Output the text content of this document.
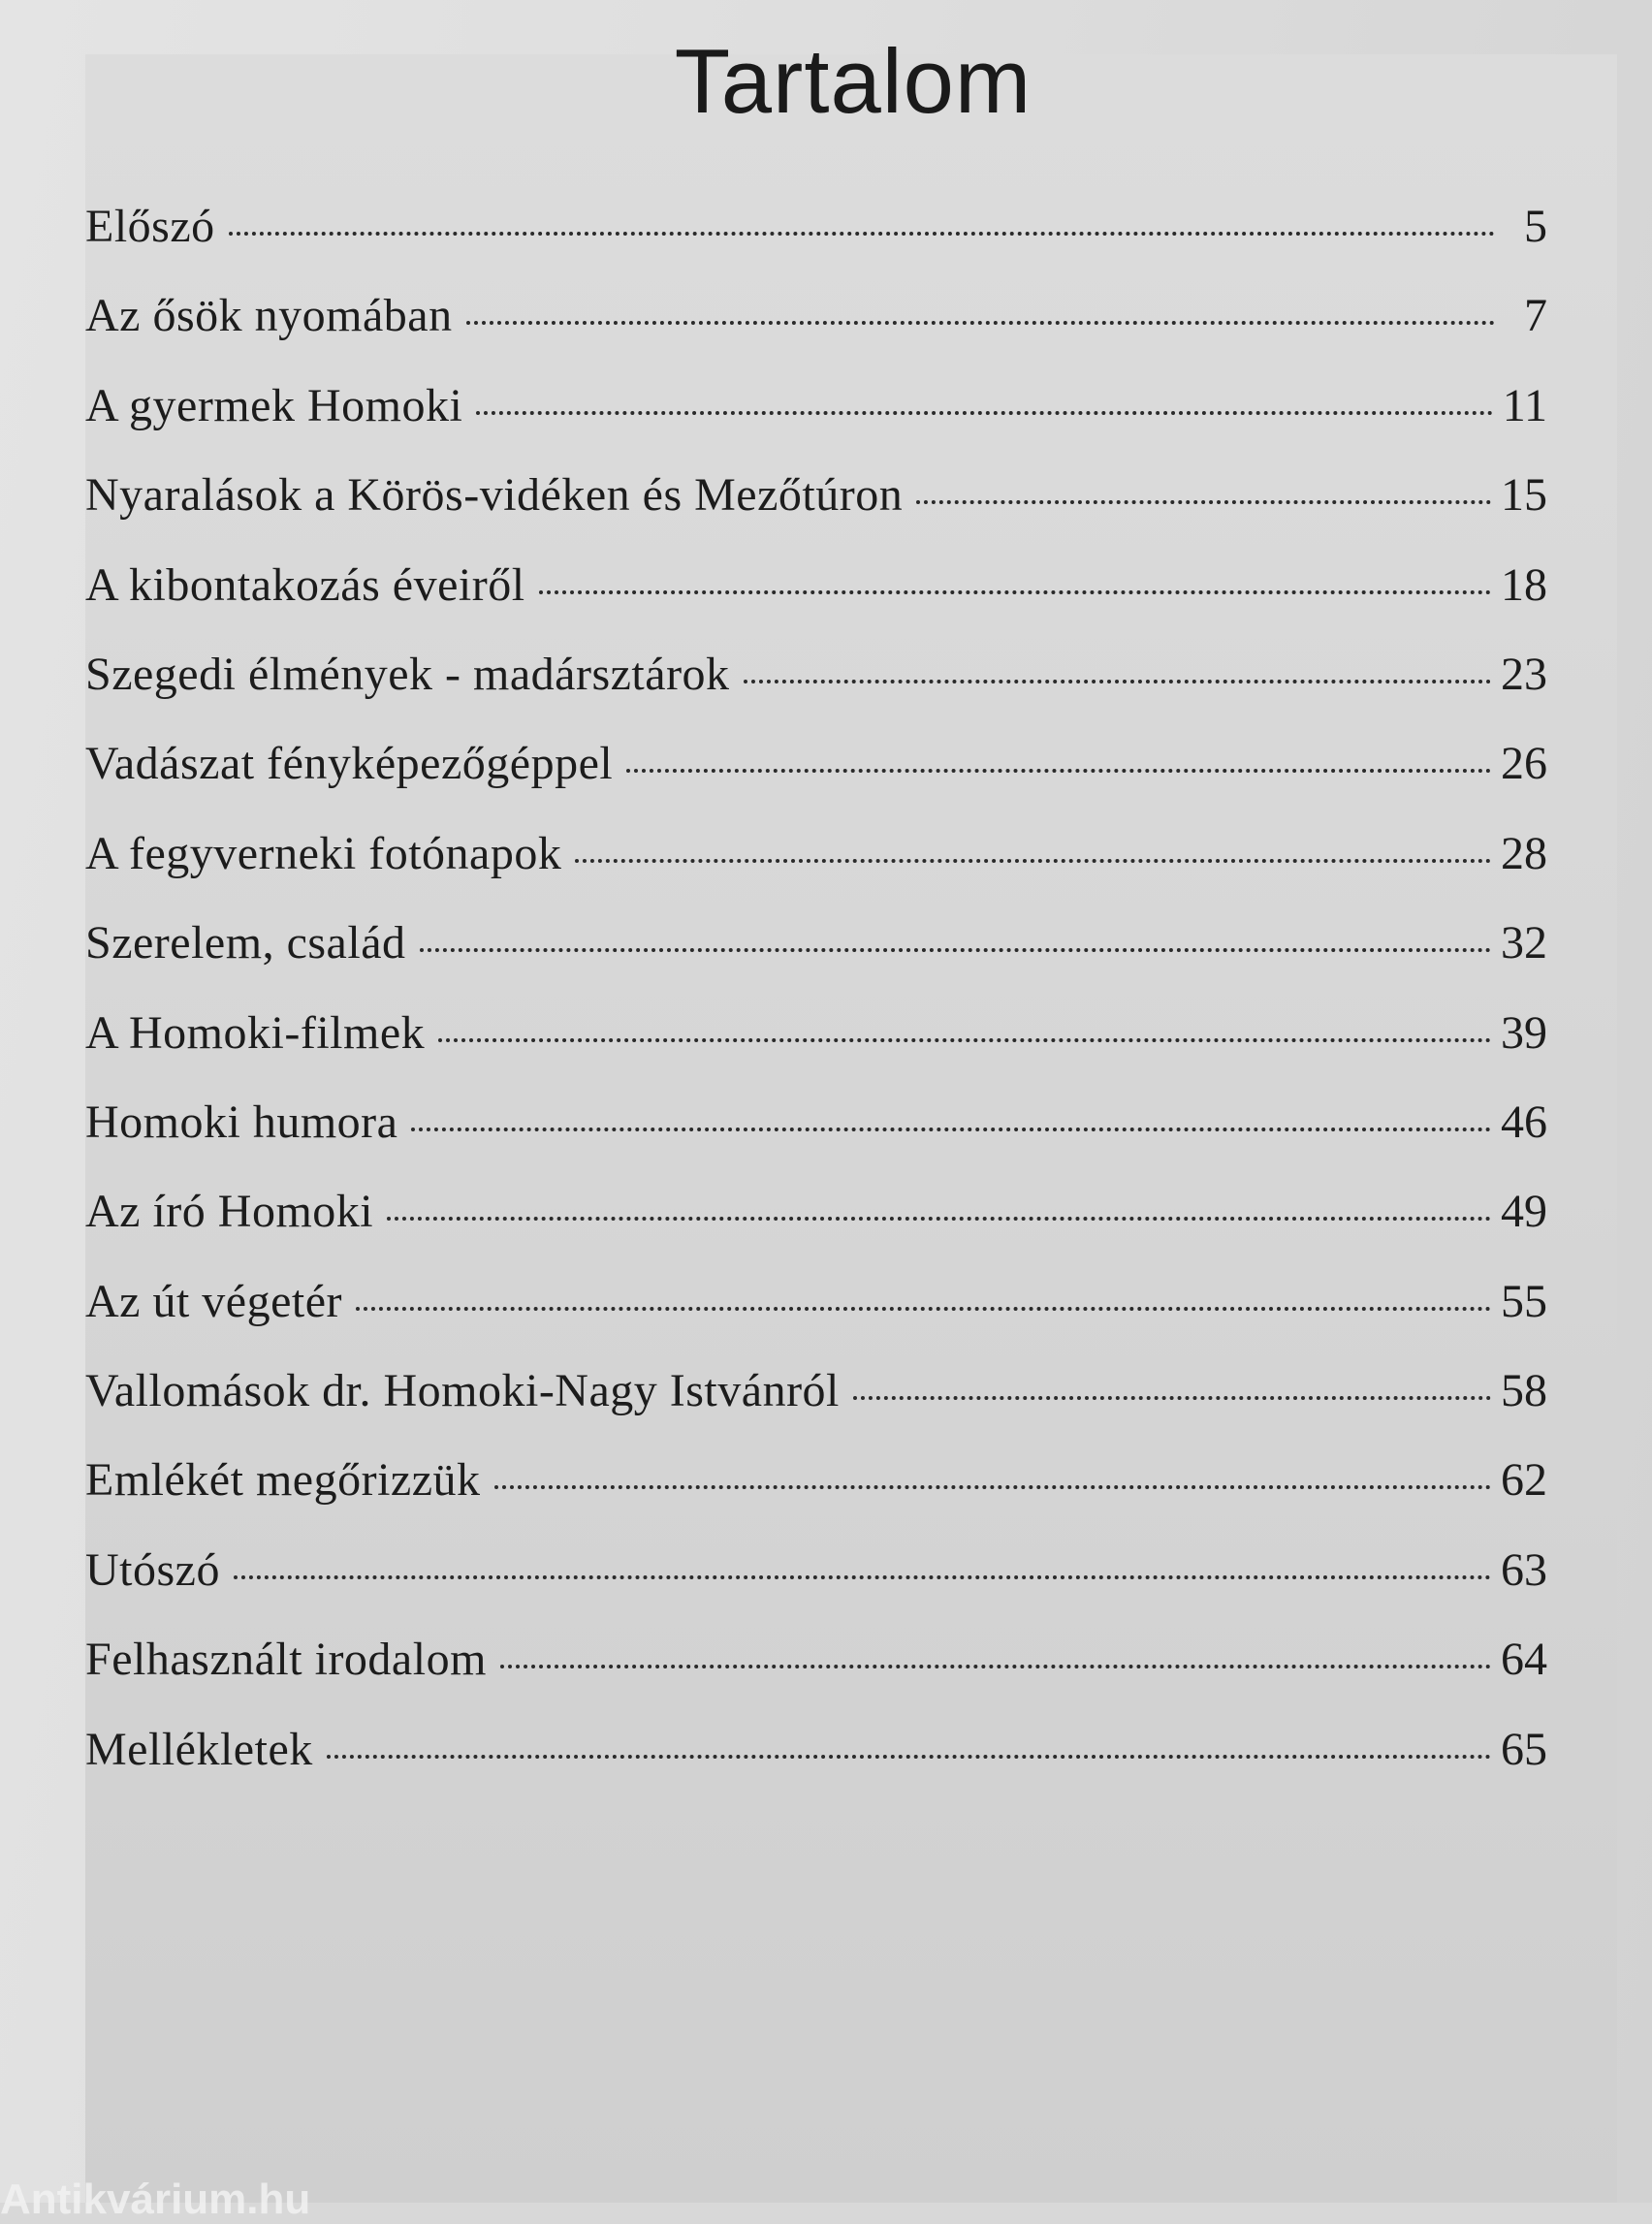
Tartalom
Előszó	5
Az ősök nyomában	7
A gyermek Homoki	11
Nyaralások a Körös-vidéken és Mezőtúron	15
A kibontakozás éveiről	18
Szegedi élmények - madársztárok	23
Vadászat fényképezőgéppel	26
A fegyverneki fotónapok	28
Szerelem, család	32
A Homoki-filmek	39
Homoki humora	46
Az író Homoki	49
Az út végetér	55
Vallomások dr. Homoki-Nagy Istvánról	58
Emlékét megőrizzük	62
Utószó	63
Felhasznált irodalom	64
Mellékletek	65
Antikvárium.hu
